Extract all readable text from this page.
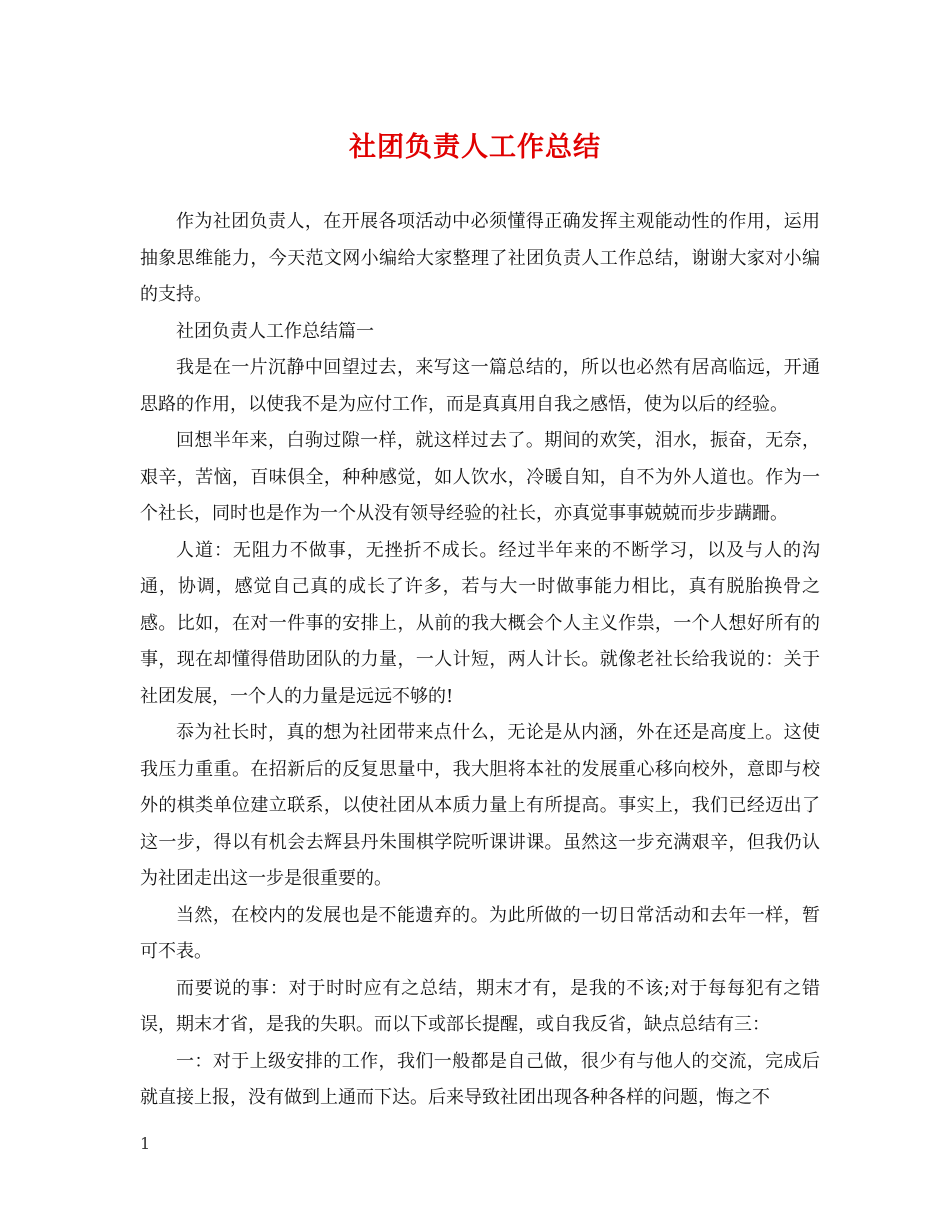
社团负责人工作总结

作为社团负责人，在开展各项活动中必须懂得正确发挥主观能动性的作用，运用抽象思维能力，今天范文网小编给大家整理了社团负责人工作总结，谢谢大家对小编的支持。

社团负责人工作总结篇一

我是在一片沉静中回望过去，来写这一篇总结的，所以也必然有居高临远，开通思路的作用，以使我不是为应付工作，而是真真用自我之感悟，使为以后的经验。

回想半年来，白驹过隙一样，就这样过去了。期间的欢笑，泪水，振奋，无奈，艰辛，苦恼，百味俱全，种种感觉，如人饮水，冷暖自知，自不为外人道也。作为一个社长，同时也是作为一个从没有领导经验的社长，亦真觉事事兢兢而步步蹒跚。

人道：无阻力不做事，无挫折不成长。经过半年来的不断学习，以及与人的沟通，协调，感觉自己真的成长了许多，若与大一时做事能力相比，真有脱胎换骨之感。比如，在对一件事的安排上，从前的我大概会个人主义作祟，一个人想好所有的事，现在却懂得借助团队的力量，一人计短，两人计长。就像老社长给我说的：关于社团发展，一个人的力量是远远不够的!

忝为社长时，真的想为社团带来点什么，无论是从内涵，外在还是高度上。这使我压力重重。在招新后的反复思量中，我大胆将本社的发展重心移向校外，意即与校外的棋类单位建立联系，以使社团从本质力量上有所提高。事实上，我们已经迈出了这一步，得以有机会去辉县丹朱围棋学院听课讲课。虽然这一步充满艰辛，但我仍认为社团走出这一步是很重要的。

当然，在校内的发展也是不能遗弃的。为此所做的一切日常活动和去年一样，暂可不表。

而要说的事：对于时时应有之总结，期末才有，是我的不该;对于每每犯有之错误，期末才省，是我的失职。而以下或部长提醒，或自我反省，缺点总结有三：

一：对于上级安排的工作，我们一般都是自己做，很少有与他人的交流，完成后就直接上报，没有做到上通而下达。后来导致社团出现各种各样的问题，悔之不

1
